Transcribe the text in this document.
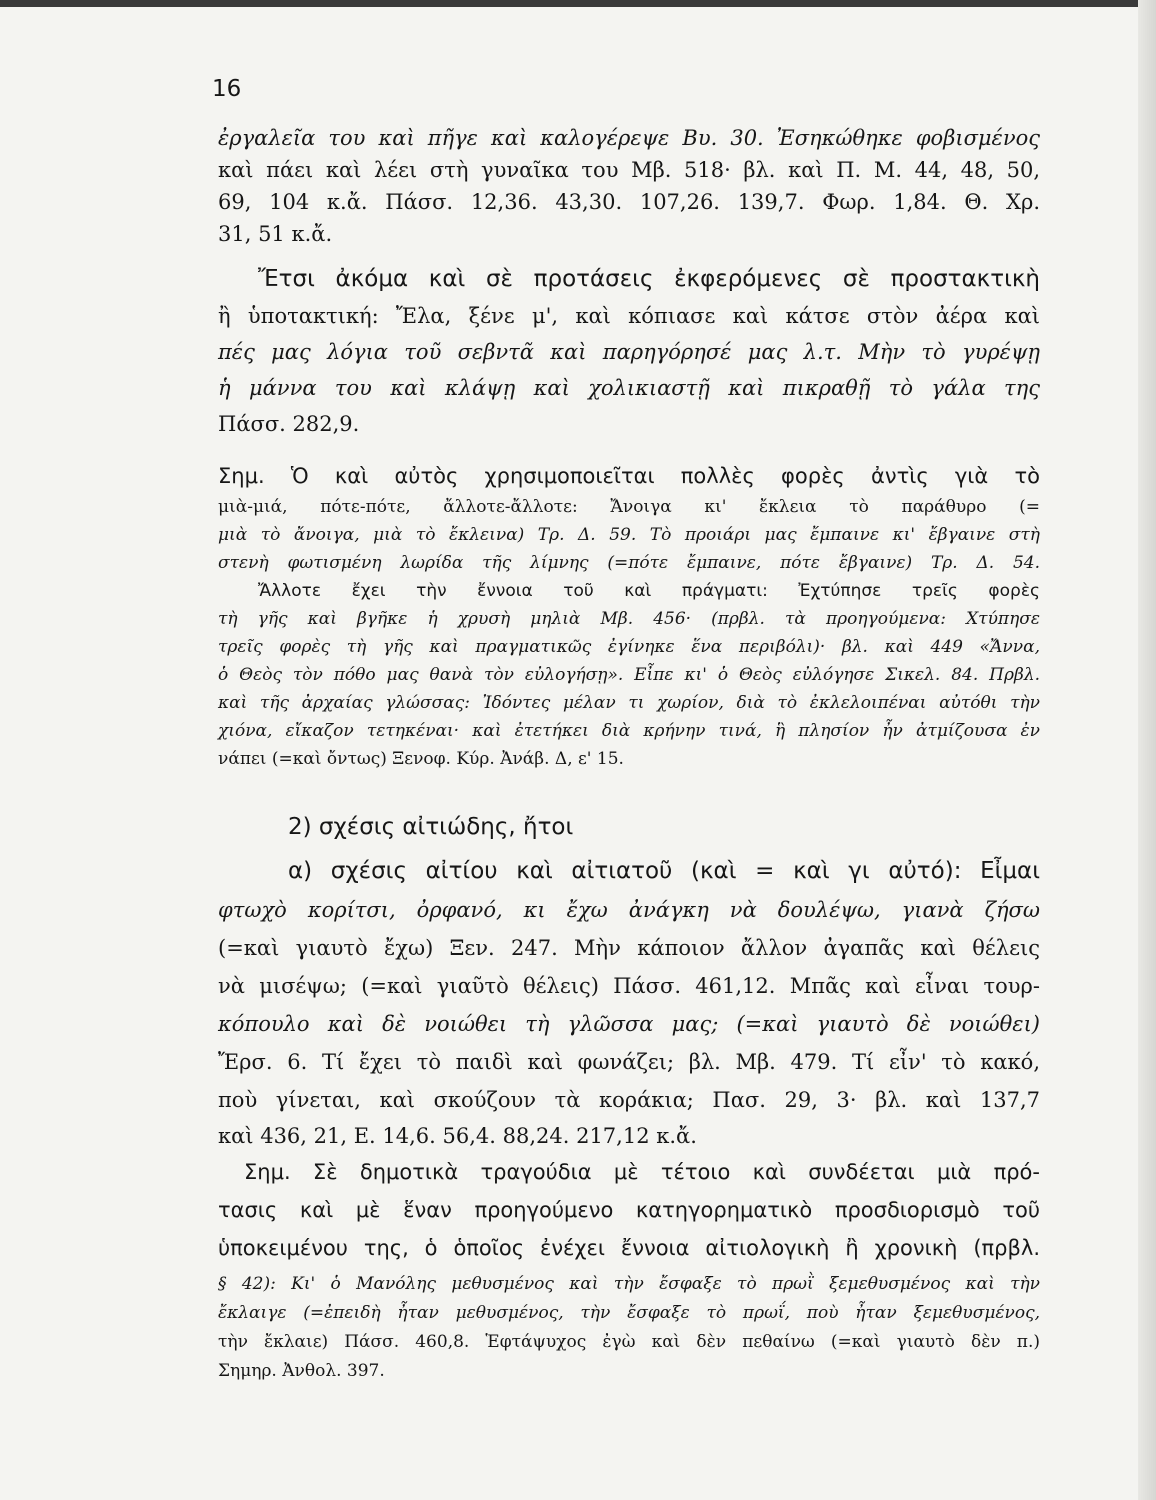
16
ἐργαλεῖα του καὶ πῆγε καὶ καλογέρεψε Βυ. 30. Ἐσηκώθηκε φοβισμένος
καὶ πάει καὶ λέει στὴ γυναῖκα του Μβ. 518· βλ. καὶ Π. Μ. 44, 48, 50,
69, 104 κ.ἄ. Πάσσ. 12,36. 43,30. 107,26. 139,7. Φωρ. 1,84. Θ. Χρ.
31, 51 κ.ἄ.
Ἔτσι ἀκόμα καὶ σὲ προτάσεις ἐκφερόμενες σὲ προστακτικὴ
ἢ ὑποτακτική: Ἔλα, ξένε μ', καὶ κόπιασε καὶ κάτσε στὸν ἀέρα καὶ
πές μας λόγια τοῦ σεβντᾶ καὶ παρηγόρησέ μας λ.τ. Μὴν τὸ γυρέψῃ
ἡ μάννα του καὶ κλάψῃ καὶ χολικιαστῇ καὶ πικραθῇ τὸ γάλα της
Πάσσ. 282,9.
Σημ. Ὁ καὶ αὐτὸς χρησιμοποιεῖται πολλὲς φορὲς ἀντὶς γιὰ τὸ
μιὰ-μιά, πότε-πότε, ἄλλοτε-ἄλλοτε: Ἄνοιγα κι' ἔκλεια τὸ παράθυρο (=
μιὰ τὸ ἄνοιγα, μιὰ τὸ ἔκλεινα) Τρ. Δ. 59. Τὸ προιάρι μας ἔμπαινε κι' ἔβγαινε στὴ
στενὴ φωτισμένη λωρίδα τῆς λίμνης (=πότε ἔμπαινε, πότε ἔβγαινε) Τρ. Δ. 54.
Ἄλλοτε ἔχει τὴν ἔννοια τοῦ καὶ πράγματι: Ἐχτύπησε τρεῖς φορὲς
τὴ γῆς καὶ βγῆκε ἡ χρυσὴ μηλιὰ Μβ. 456· (πρβλ. τὰ προηγούμενα: Χτύπησε
τρεῖς φορὲς τὴ γῆς καὶ πραγματικῶς ἐγίνηκε ἕνα περιβόλι)· βλ. καὶ 449 «Ἄννα,
ὁ Θεὸς τὸν πόθο μας θανὰ τὸν εὐλογήσῃ». Εἶπε κι' ὁ Θεὸς εὐλόγησε Σικελ. 84. Πρβλ.
καὶ τῆς ἀρχαίας γλώσσας: Ἰδόντες μέλαν τι χωρίον, διὰ τὸ ἐκλελοιπέναι αὐτόθι τὴν
χιόνα, εἴκαζον τετηκέναι· καὶ ἐτετήκει διὰ κρήνην τινά, ἣ πλησίον ἦν ἀτμίζουσα ἐν
νάπει (=καὶ ὄντως) Ξενοφ. Κύρ. Ἀνάβ. Δ, ε' 15.
2) σχέσις αἰτιώδης, ἤτοι
α) σχέσις αἰτίου καὶ αἰτιατοῦ (καὶ = καὶ γι αὐτό): Εἶμαι
φτωχὸ κορίτσι, ὀρφανό, κι ἔχω ἀνάγκη νὰ δουλέψω, γιανὰ ζήσω
(=καὶ γιαυτὸ ἔχω) Ξεν. 247. Μὴν κάποιον ἄλλον ἀγαπᾶς καὶ θέλεις
νὰ μισέψω; (=καὶ γιαῦτὸ θέλεις) Πάσσ. 461,12. Μπᾶς καὶ εἶναι τουρ-
κόπουλο καὶ δὲ νοιώθει τὴ γλῶσσα μας; (=καὶ γιαυτὸ δὲ νοιώθει)
Ἔρσ. 6. Τί ἔχει τὸ παιδὶ καὶ φωνάζει; βλ. Μβ. 479. Τί εἶν' τὸ κακό,
ποὺ γίνεται, καὶ σκούζουν τὰ κοράκια; Πασ. 29, 3· βλ. καὶ 137,7
καὶ 436, 21, Ε. 14,6. 56,4. 88,24. 217,12 κ.ἄ.
Σημ. Σὲ δημοτικὰ τραγούδια μὲ τέτοιο καὶ συνδέεται μιὰ πρό-
τασις καὶ μὲ ἕναν προηγούμενο κατηγορηματικὸ προσδιορισμὸ τοῦ
ὑποκειμένου της, ὁ ὁποῖος ἐνέχει ἔννοια αἰτιολογικὴ ἢ χρονικὴ (πρβλ.
§ 42): Κι' ὁ Μανόλης μεθυσμένος καὶ τὴν ἔσφαξε τὸ πρωῒ ξεμεθυσμένος καὶ τὴν
ἔκλαιγε (=ἐπειδὴ ἦταν μεθυσμένος, τὴν ἔσφαξε τὸ πρωΐ, ποὺ ἦταν ξεμεθυσμένος,
τὴν ἔκλαιε) Πάσσ. 460,8. Ἑφτάψυχος ἐγὼ καὶ δὲν πεθαίνω (=καὶ γιαυτὸ δὲν π.)
Σημηρ. Ἀνθολ. 397.
